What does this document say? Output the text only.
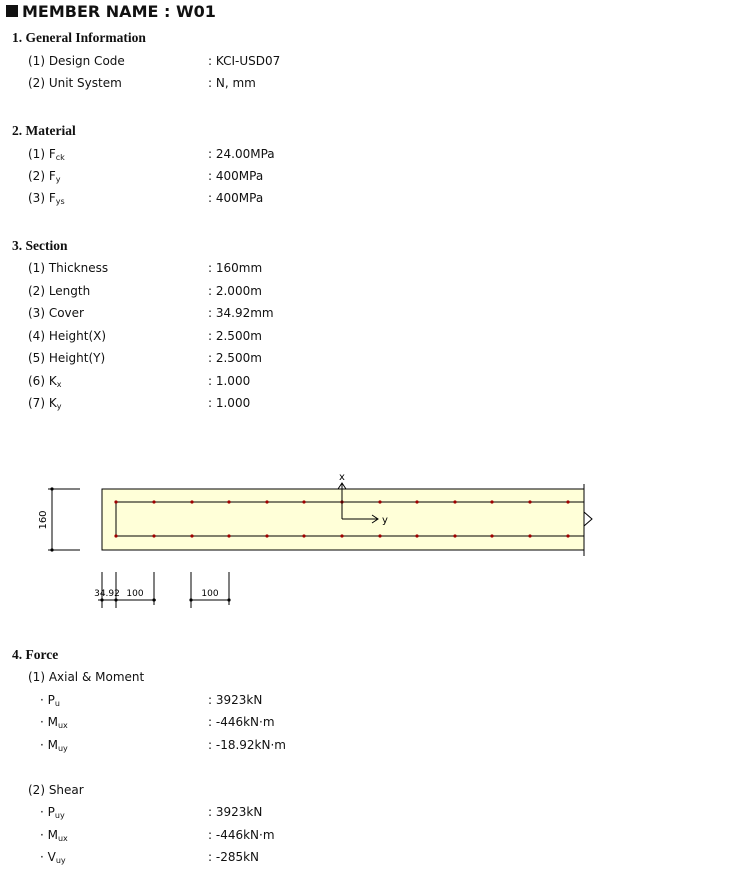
MEMBER NAME : W01
1. General Information
(1) Design Code	: KCI-USD07
(2) Unit System	: N, mm
2. Material
(1) $F_{ck}$	: 24.00MPa
(2) $F_y$	: 400MPa
(3) $F_{ys}$	: 400MPa
3. Section
(1) Thickness	: 160mm
(2) Length	: 2.000m
(3) Cover	: 34.92mm
(4) Height(X)	: 2.500m
(5) Height(Y)	: 2.500m
(6) $K_x$	: 1.000
(7) $K_y$	: 1.000
160
x
y
34.92 100	100
4. Force
(1) Axial & Moment
· $P_u$	: 3923kN
· $M_{ux}$	: -446kN·m
· $M_{uy}$	: -18.92kN·m
(2) Shear
· $P_{uy}$	: 3923kN
· $M_{ux}$	: -446kN·m
· $V_{uy}$	: -285kN
